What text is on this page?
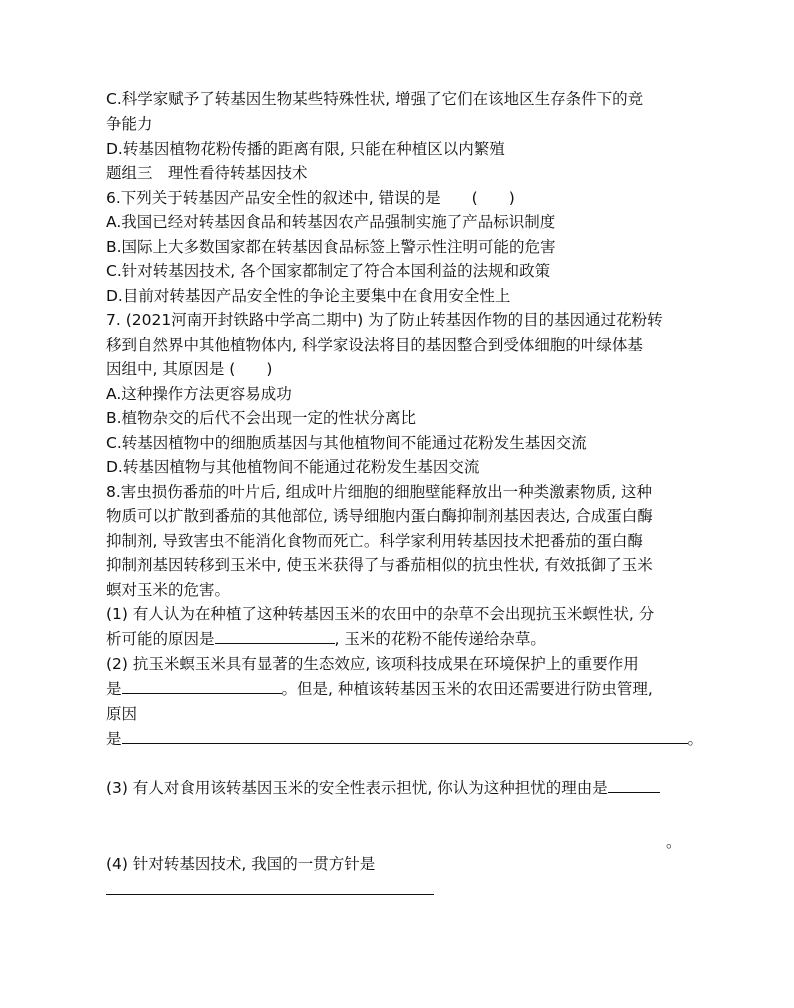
C.科学家赋予了转基因生物某些特殊性状, 增强了它们在该地区生存条件下的竞
争能力
D.转基因植物花粉传播的距离有限, 只能在种植区以内繁殖
题组三　理性看待转基因技术
6.下列关于转基因产品安全性的叙述中, 错误的是　　(　　)
A.我国已经对转基因食品和转基因农产品强制实施了产品标识制度
B.国际上大多数国家都在转基因食品标签上警示性注明可能的危害
C.针对转基因技术, 各个国家都制定了符合本国利益的法规和政策
D.目前对转基因产品安全性的争论主要集中在食用安全性上
7. (2021河南开封铁路中学高二期中) 为了防止转基因作物的目的基因通过花粉转
移到自然界中其他植物体内, 科学家设法将目的基因整合到受体细胞的叶绿体基
因组中, 其原因是 (　　)
A.这种操作方法更容易成功
B.植物杂交的后代不会出现一定的性状分离比
C.转基因植物中的细胞质基因与其他植物间不能通过花粉发生基因交流
D.转基因植物与其他植物间不能通过花粉发生基因交流
8.害虫损伤番茄的叶片后, 组成叶片细胞的细胞壁能释放出一种类激素物质, 这种
物质可以扩散到番茄的其他部位, 诱导细胞内蛋白酶抑制剂基因表达, 合成蛋白酶
抑制剂, 导致害虫不能消化食物而死亡。科学家利用转基因技术把番茄的蛋白酶
抑制剂基因转移到玉米中, 使玉米获得了与番茄相似的抗虫性状, 有效抵御了玉米
螟对玉米的危害。
(1) 有人认为在种植了这种转基因玉米的农田中的杂草不会出现抗玉米螟性状, 分
析可能的原因是	, 玉米的花粉不能传递给杂草。
(2) 抗玉米螟玉米具有显著的生态效应, 该项科技成果在环境保护上的重要作用
是	。但是, 种植该转基因玉米的农田还需要进行防虫管理,
原因
是	。
(3) 有人对食用该转基因玉米的安全性表示担忧, 你认为这种担忧的理由是
。
(4) 针对转基因技术, 我国的一贯方针是
